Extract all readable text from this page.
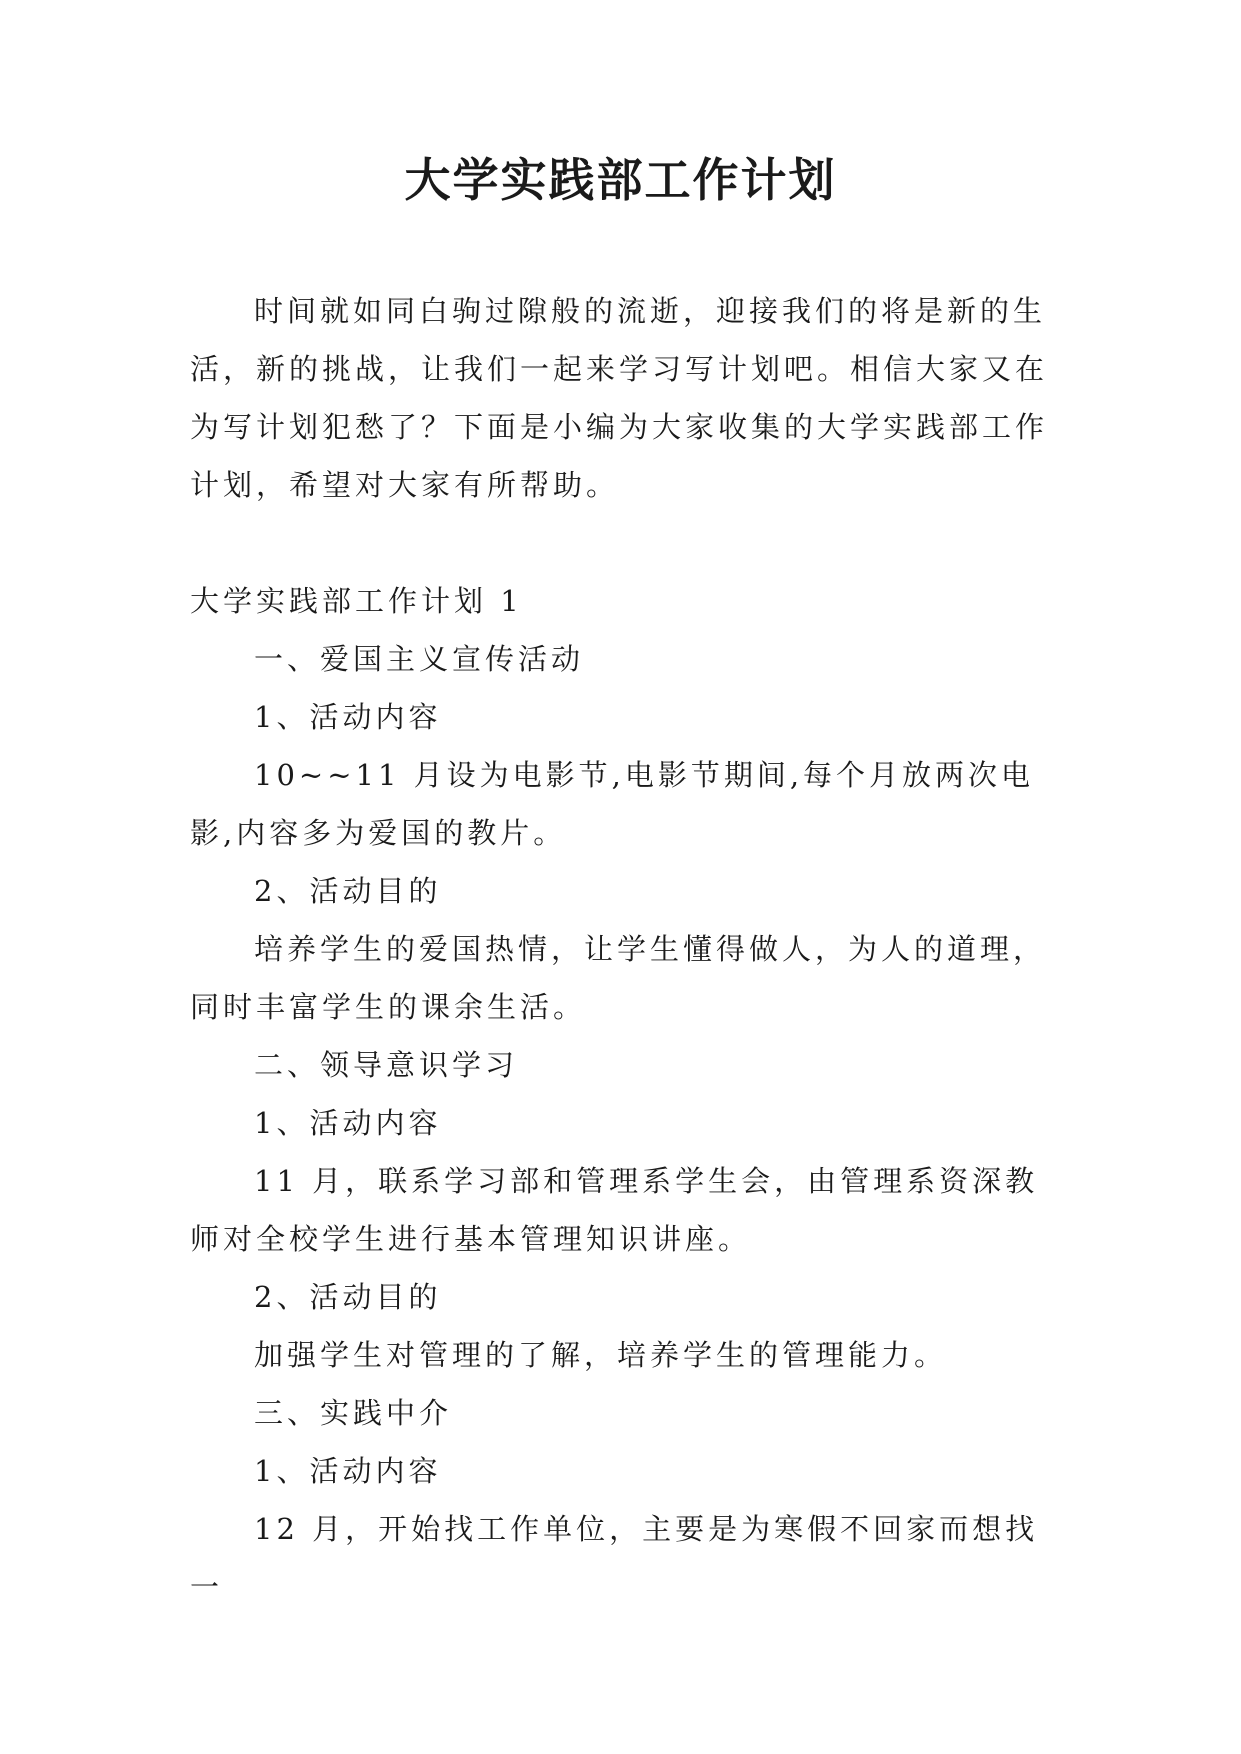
大学实践部工作计划

时间就如同白驹过隙般的流逝，迎接我们的将是新的生活，新的挑战，让我们一起来学习写计划吧。相信大家又在为写计划犯愁了？下面是小编为大家收集的大学实践部工作计划，希望对大家有所帮助。

大学实践部工作计划 1

一、爱国主义宣传活动

1、活动内容

10~~11 月设为电影节,电影节期间,每个月放两次电影,内容多为爱国的教片。

2、活动目的

培养学生的爱国热情，让学生懂得做人，为人的道理，同时丰富学生的课余生活。

二、领导意识学习

1、活动内容

11 月，联系学习部和管理系学生会，由管理系资深教师对全校学生进行基本管理知识讲座。

2、活动目的

加强学生对管理的了解，培养学生的管理能力。

三、实践中介

1、活动内容

12 月，开始找工作单位，主要是为寒假不回家而想找一
